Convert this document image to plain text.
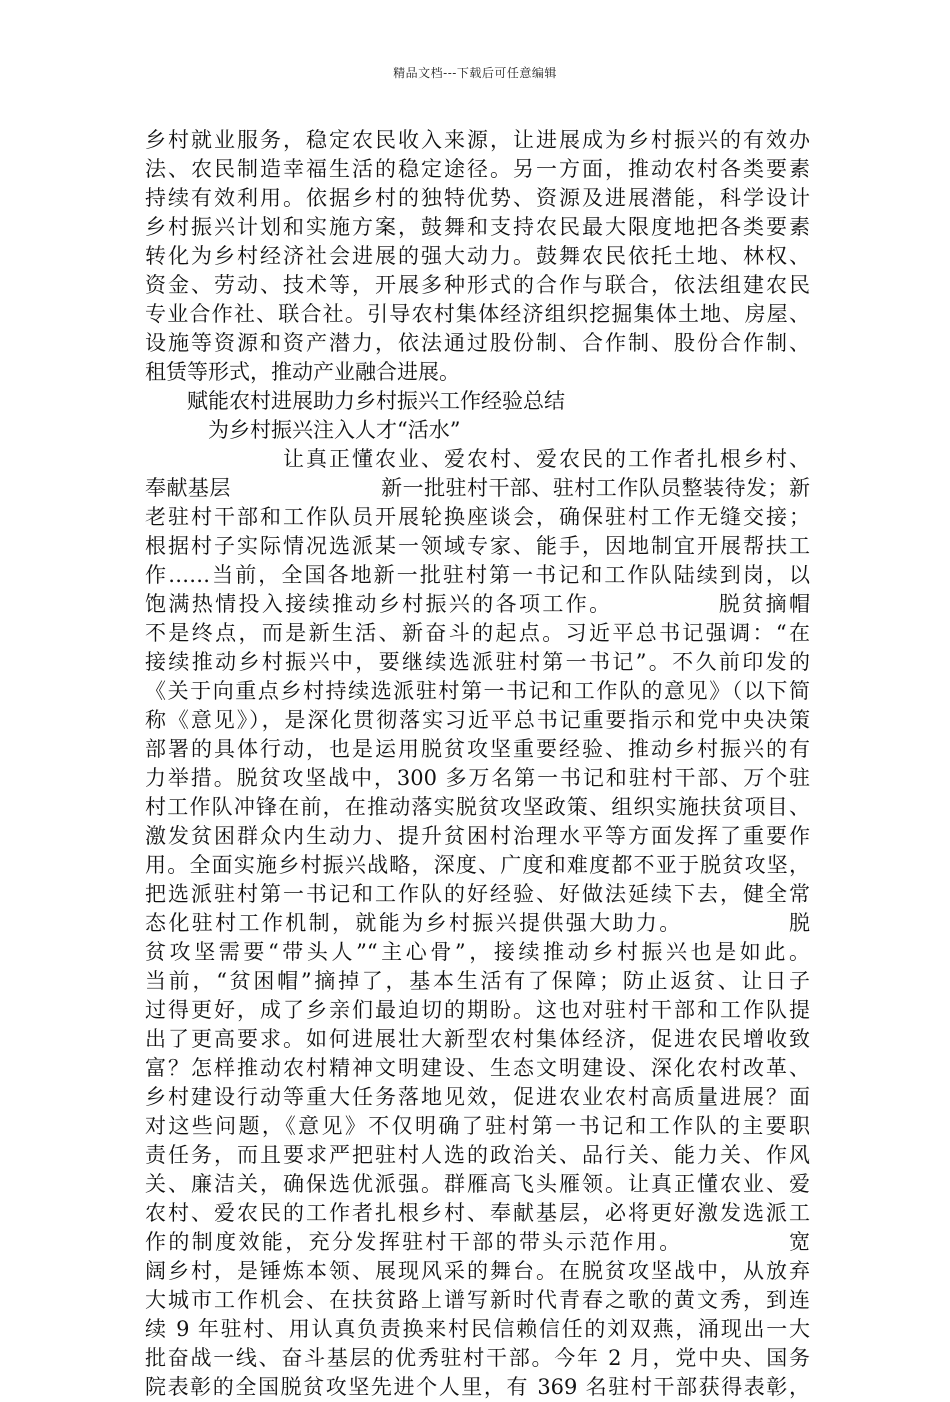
精品文档---下载后可任意编辑
乡村就业服务，稳定农民收入来源，让进展成为乡村振兴的有效办
法、农民制造幸福生活的稳定途径。另一方面，推动农村各类要素
持续有效利用。依据乡村的独特优势、资源及进展潜能，科学设计
乡村振兴计划和实施方案，鼓舞和支持农民最大限度地把各类要素
转化为乡村经济社会进展的强大动力。鼓舞农民依托土地、林权、
资金、劳动、技术等，开展多种形式的合作与联合，依法组建农民
专业合作社、联合社。引导农村集体经济组织挖掘集体土地、房屋、
设施等资源和资产潜力，依法通过股份制、合作制、股份合作制、
租赁等形式，推动产业融合进展。
　　赋能农村进展助力乡村振兴工作经验总结
　　　为乡村振兴注入人才“活水”
　　　　　　让真正懂农业、爱农村、爱农民的工作者扎根乡村、
奉献基层　　　　　　　新一批驻村干部、驻村工作队员整装待发；新
老驻村干部和工作队员开展轮换座谈会，确保驻村工作无缝交接；
根据村子实际情况选派某一领域专家、能手，因地制宜开展帮扶工
作……当前，全国各地新一批驻村第一书记和工作队陆续到岗，以
饱满热情投入接续推动乡村振兴的各项工作。　　　　　脱贫摘帽
不是终点，而是新生活、新奋斗的起点。习近平总书记强调：“在
接续推动乡村振兴中，要继续选派驻村第一书记”。不久前印发的
《关于向重点乡村持续选派驻村第一书记和工作队的意见》（以下简
称《意见》），是深化贯彻落实习近平总书记重要指示和党中央决策
部署的具体行动，也是运用脱贫攻坚重要经验、推动乡村振兴的有
力举措。脱贫攻坚战中，300 多万名第一书记和驻村干部、万个驻
村工作队冲锋在前，在推动落实脱贫攻坚政策、组织实施扶贫项目、
激发贫困群众内生动力、提升贫困村治理水平等方面发挥了重要作
用。全面实施乡村振兴战略，深度、广度和难度都不亚于脱贫攻坚，
把选派驻村第一书记和工作队的好经验、好做法延续下去，健全常
态化驻村工作机制，就能为乡村振兴提供强大助力。　　　　　脱
贫攻坚需要“带头人”“主心骨”，接续推动乡村振兴也是如此。
当前，“贫困帽”摘掉了，基本生活有了保障；防止返贫、让日子
过得更好，成了乡亲们最迫切的期盼。这也对驻村干部和工作队提
出了更高要求。如何进展壮大新型农村集体经济，促进农民增收致
富？怎样推动农村精神文明建设、生态文明建设、深化农村改革、
乡村建设行动等重大任务落地见效，促进农业农村高质量进展？面
对这些问题，《意见》不仅明确了驻村第一书记和工作队的主要职
责任务，而且要求严把驻村人选的政治关、品行关、能力关、作风
关、廉洁关，确保选优派强。群雁高飞头雁领。让真正懂农业、爱
农村、爱农民的工作者扎根乡村、奉献基层，必将更好激发选派工
作的制度效能，充分发挥驻村干部的带头示范作用。　　　　　宽
阔乡村，是锤炼本领、展现风采的舞台。在脱贫攻坚战中，从放弃
大城市工作机会、在扶贫路上谱写新时代青春之歌的黄文秀，到连
续 9 年驻村、用认真负责换来村民信赖信任的刘双燕，涌现出一大
批奋战一线、奋斗基层的优秀驻村干部。今年 2 月，党中央、国务
院表彰的全国脱贫攻坚先进个人里，有 369 名驻村干部获得表彰，
